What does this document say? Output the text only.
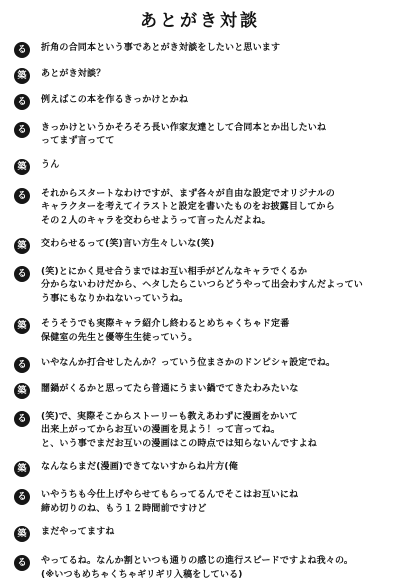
あとがき対談
る	折角の合同本という事であとがき対談をしたいと思います
築	あとがき対談？
る	例えばこの本を作るきっかけとかね
る	きっかけというかそろそろ長い作家友達として合同本とか出したいね
ってまず言ってて
築	うん
る	それからスタートなわけですが、まず各々が自由な設定でオリジナルの
キャラクターを考えてイラストと設定を書いたものをお披露目してから
その２人のキャラを交わらせようって言ったんだよね。
築	交わらせるって(笑)言い方生々しいな(笑)
る	(笑)とにかく見せ合うまではお互い相手がどんなキャラでくるか
分からないわけだから、ヘタしたらこいつらどうやって出会わすんだよってい
う事にもなりかねないっていうね。
築	そうそうでも実際キャラ紹介し終わるとめちゃくちゃド定番
保健室の先生と優等生生徒っていう。
る	いやなんか打合せしたんか？っていう位まさかのドンピシャ設定でね。
築	闇鍋がくるかと思ってたら普通にうまい鍋でてきたわみたいな
る	(笑)で、実際そこからストーリーも教えあわずに漫画をかいて
出来上がってからお互いの漫画を見よう！って言ってね。
と、いう事でまだお互いの漫画はこの時点では知らないんですよね
築	なんならまだ(漫画)できてないすからね片方(俺
る	いやうちも今仕上げやらせてもらってるんでそこはお互いにね
締め切りのね、もう１２時間前ですけど
築	まだやってますね
る	やってるね。なんか割といつも通りの感じの進行スピードですよね我々の。
(※いつもめちゃくちゃギリギリ入稿をしている)
